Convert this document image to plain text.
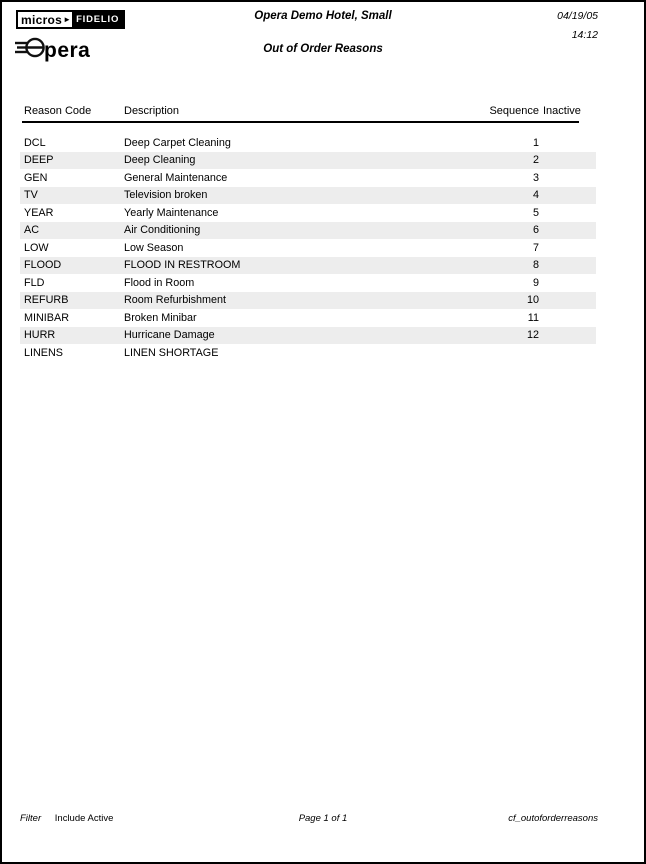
micros ► FIDELIO
pera
Opera Demo Hotel, Small
Out of Order Reasons
04/19/05
14:12
Reason Code	Description	Sequence Inactive
DCL	Deep Carpet Cleaning	1
DEEP	Deep Cleaning	2
GEN	General Maintenance	3
TV	Television broken	4
YEAR	Yearly Maintenance	5
AC	Air Conditioning	6
LOW	Low Season	7
FLOOD	FLOOD IN RESTROOM	8
FLD	Flood in Room	9
REFURB	Room Refurbishment	10
MINIBAR	Broken Minibar	11
HURR	Hurricane Damage	12
LINENS	LINEN SHORTAGE
Filter Include Active	Page 1 of 1	cf_outoforderreasons
